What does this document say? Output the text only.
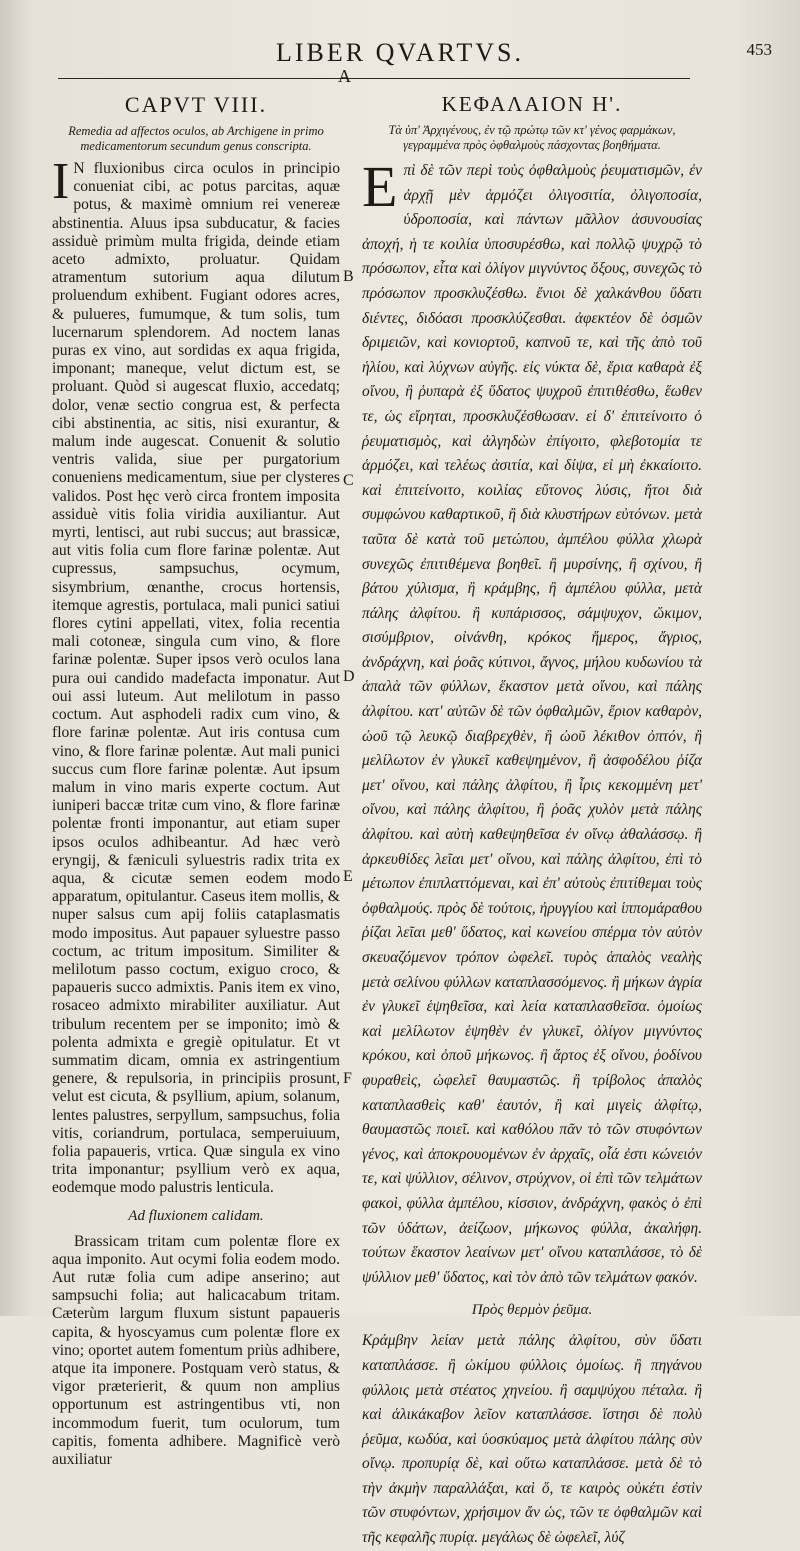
LIBER QVARTVS.	453
A
B
C
D
E
F
CAPVT VIII.
Remedia ad affectos oculos, ab Archigene in primo medicamentorum secundum genus conscripta.

I N fluxionibus circa oculos in principio conueniat cibi, ac potus parcitas, aquæ potus, & maximè omnium rei venereæ abstinentia. Aluus ipsa subducatur, & facies assiduè primùm multa frigida, deinde etiam aceto admixto, proluatur. Quidam atramentum sutorium aqua dilutum proluendum exhibent. Fugiant odores acres, & pulueres, fumumque, & tum solis, tum lucernarum splendorem. Ad noctem lanas puras ex vino, aut sordidas ex aqua frigida, imponant; maneque, velut dictum est, se proluant. Quòd si augescat fluxio, accedatq; dolor, venæ sectio congrua est, & perfecta cibi abstinentia, ac sitis, nisi exurantur, & malum inde augescat. Conuenit & solutio ventris valida, siue per purgatorium conueniens medicamentum, siue per clysteres validos. Post hęc verò circa frontem imposita assiduè vitis folia viridia auxiliantur. Aut myrti, lentisci, aut rubi succus; aut brassicæ, aut vitis folia cum flore farinæ polentæ. Aut cupressus, sampsuchus, ocymum, sisymbrium, œnanthe, crocus hortensis, itemque agrestis, portulaca, mali punici satiui flores cytini appellati, vitex, folia recentia mali cotoneæ, singula cum vino, & flore farinæ polentæ. Super ipsos verò oculos lana pura oui candido madefacta imponatur. Aut oui assi luteum. Aut melilotum in passo coctum. Aut asphodeli radix cum vino, & flore farinæ polentæ. Aut iris contusa cum vino, & flore farinæ polentæ. Aut mali punici succus cum flore farinæ polentæ. Aut ipsum malum in vino maris experte coctum. Aut iuniperi baccæ tritæ cum vino, & flore farinæ polentæ fronti imponantur, aut etiam super ipsos oculos adhibeantur. Ad hæc verò eryngij, & fæniculi syluestris radix trita ex aqua, & cicutæ semen eodem modo apparatum, opitulantur. Caseus item mollis, & nuper salsus cum apij foliis cataplasmatis modo impositus. Aut papauer syluestre passo coctum, ac tritum impositum. Similiter & melilotum passo coctum, exiguo croco, & papaueris succo admixtis. Panis item ex vino, rosaceo admixto mirabiliter auxiliatur. Aut tribulum recentem per se imponito; imò & polenta admixta e gregiè opitulatur. Et vt summatim dicam, omnia ex astringentium genere, & repulsoria, in principiis prosunt, velut est cicuta, & psyllium, apium, solanum, lentes palustres, serpyllum, sampsuchus, folia vitis, coriandrum, portulaca, semperuiuum, folia papaueris, vrtica. Quæ singula ex vino trita imponantur; psyllium verò ex aqua, eodemque modo palustris lenticula.

Ad fluxionem calidam.

Brassicam tritam cum polentæ flore ex aqua imponito. Aut ocymi folia eodem modo. Aut rutæ folia cum adipe anserino; aut sampsuchi folia; aut halicacabum tritam. Cæterùm largum fluxum sistunt papaueris capita, & hyoscyamus cum polentæ flore ex vino; oportet autem fomentum priùs adhibere, atque ita imponere. Postquam verò status, & vigor præterierit, & quum non amplius opportunum est astringentibus vti, non incommodum fuerit, tum oculorum, tum capitis, fomenta adhibere. Magnificè verò auxiliatur

ΚΕΦΑΛΑΙΟΝ Η'.
Τὰ ὑπ' Ἀρχιγένους, ἐν τῷ πρώτῳ τῶν κτ' γένος φαρμάκων, γεγραμμένα πρὸς ὀφθαλμοὺς πάσχοντας βοηθήματα.

Επὶ δὲ τῶν περὶ τοὺς ὀφθαλμοὺς ῥευματισμῶν, ἐν ἀρχῇ μὲν ἁρμόζει ὀλιγοσιτία, ὀλιγοποσία, ὑδροποσία, καὶ πάντων μᾶλλον ἀσυνουσίας ἀποχή, ἡ τε κοιλία ὑποσυρέσθω, καὶ πολλῷ ψυχρῷ τὸ πρόσωπον, εἶτα καὶ ὀλίγον μιγνύντος ὄξους, συνεχῶς τὸ πρόσωπον προσκλυζέσθω. ἔνιοι δὲ χαλκάνθου ὕδατι διέντες, διδόασι προσκλύζεσθαι. ἀφεκτέον δὲ ὀσμῶν δριμειῶν, καὶ κονιορτοῦ, καπνοῦ τε, καὶ τῆς ἀπὸ τοῦ ἡλίου, καὶ λύχνων αὐγῆς. εἰς νύκτα δὲ, ἔρια καθαρὰ ἐξ οἴνου, ἢ ῥυπαρὰ ἐξ ὕδατος ψυχροῦ ἐπιτιθέσθω, ἕωθεν τε, ὡς εἴρηται, προσκλυζέσθωσαν. εἰ δ' ἐπιτείνοιτο ὁ ῥευματισμὸς, καὶ ἀλγηδὼν ἐπίγοιτο, φλεβοτομία τε ἁρμόζει, καὶ τελέως ἀσιτία, καὶ δίψα, εἰ μὴ ἐκκαίοιτο. καὶ ἐπιτείνοιτο, κοιλίας εὔτονος λύσις, ἤτοι διὰ συμφώνου καθαρτικοῦ, ἢ διὰ κλυστήρων εὐτόνων. μετὰ ταῦτα δὲ κατὰ τοῦ μετώπου, ἀμπέλου φύλλα χλωρὰ συνεχῶς ἐπιτιθέμενα βοηθεῖ. ἢ μυρσίνης, ἢ σχίνου, ἢ βάτου χύλισμα, ἢ κράμβης, ἢ ἀμπέλου φύλλα, μετὰ πάλης ἀλφίτου. ἢ κυπάρισσος, σάμψυχον, ὤκιμον, σισύμβριον, οἰνάνθη, κρόκος ἥμερος, ἄγριος, ἀνδράχνη, καὶ ῥοᾶς κύτινοι, ἄγνος, μήλου κυδωνίου τὰ ἁπαλὰ τῶν φύλλων, ἕκαστον μετὰ οἴνου, καὶ πάλης ἀλφίτου. κατ' αὐτῶν δὲ τῶν ὀφθαλμῶν, ἔριον καθαρὸν, ὠοῦ τῷ λευκῷ διαβρεχθὲν, ἢ ὠοῦ λέκιθον ὀπτόν, ἢ μελίλωτον ἐν γλυκεῖ καθεψημένον, ἢ ἀσφοδέλου ῥίζα μετ' οἴνου, καὶ πάλης ἀλφίτου, ἢ ἶρις κεκομμένη μετ' οἴνου, καὶ πάλης ἀλφίτου, ἢ ῥοᾶς χυλὸν μετὰ πάλης ἀλφίτου. καὶ αὐτὴ καθεψηθεῖσα ἐν οἴνῳ ἀθαλάσσῳ. ἢ ἀρκευθίδες λεῖαι μετ' οἴνου, καὶ πάλης ἀλφίτου, ἐπὶ τὸ μέτωπον ἐπιπλαττόμεναι, καὶ ἐπ' αὐτοὺς ἐπιτίθεμαι τοὺς ὀφθαλμούς. πρὸς δὲ τούτοις, ἠρυγγίου καὶ ἱππομάραθου ῥίζαι λεῖαι μεθ' ὕδατος, καὶ κωνείου σπέρμα τὸν αὐτὸν σκευαζόμενον τρόπον ὠφελεῖ. τυρὸς ἁπαλὸς νεαλὴς μετὰ σελίνου φύλλων καταπλασσόμενος. ἢ μήκων ἀγρία ἐν γλυκεῖ ἑψηθεῖσα, καὶ λεία καταπλασθεῖσα. ὁμοίως καὶ μελίλωτον ἑψηθὲν ἐν γλυκεῖ, ὀλίγον μιγνύντος κρόκου, καὶ ὀποῦ μήκωνος. ἢ ἄρτος ἐξ οἴνου, ῥοδίνου φυραθεὶς, ὠφελεῖ θαυμαστῶς. ἢ τρίβολος ἁπαλὸς καταπλασθεὶς καθ' ἑαυτόν, ἢ καὶ μιγεὶς ἀλφίτῳ, θαυμαστῶς ποιεῖ. καὶ καθόλου πᾶν τὸ τῶν στυφόντων γένος, καὶ ἀποκρουομένων ἐν ἀρχαῖς, οἷά ἐστι κώνειόν τε, καὶ ψύλλιον, σέλινον, στρύχνον, οἱ ἐπὶ τῶν τελμάτων φακοὶ, φύλλα ἀμπέλου, κίσσιον, ἀνδράχνη, φακὸς ὁ ἐπὶ τῶν ὑδάτων, ἀείζωον, μήκωνος φύλλα, ἀκαλήφη. τούτων ἕκαστον λεαίνων μετ' οἴνου καταπλάσσε, τὸ δὲ ψύλλιον μεθ' ὕδατος, καὶ τὸν ἀπὸ τῶν τελμάτων φακόν.

Πρὸς θερμὸν ῥεῦμα.

Κράμβην λείαν μετὰ πάλης ἀλφίτου, σὺν ὕδατι καταπλάσσε. ἢ ὠκίμου φύλλοις ὁμοίως. ἢ πηγάνου φύλλοις μετὰ στέατος χηνείου. ἢ σαμψύχου πέταλα. ἢ καὶ ἁλικάκαβον λεῖον καταπλάσσε. ἵστησι δὲ πολὺ ῥεῦμα, κωδύα, καὶ ὑοσκύαμος μετὰ ἀλφίτου πάλης σὺν οἴνῳ. προπυρίᾳ δὲ, καὶ οὕτω καταπλάσσε. μετὰ δὲ τὸ τὴν ἀκμὴν παραλλάξαι, καὶ ὅ, τε καιρὸς οὐκέτι ἐστὶν τῶν στυφόντων, χρήσιμον ἄν ὡς, τῶν τε ὀφθαλμῶν καὶ τῆς κεφαλῆς πυρίᾳ. μεγάλως δὲ ὠφελεῖ, λύζ
